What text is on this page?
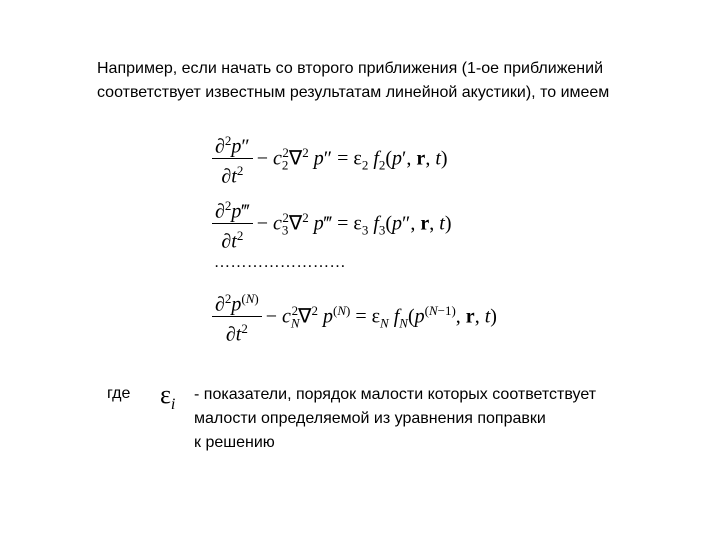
Например, если начать со второго приближения (1-ое приближений
соответствует известным результатам линейной акустики), то имеем
$\frac{\partial^2p''}{\partial t^2} - c_2^2\nabla^2$ $p'' = \varepsilon_2$ $f_2(p'$, r, t)
$\frac{\partial^2p‴}{\partial t^2} - c_3^2\nabla^2$ p‴ = $\varepsilon_3$ $f_3(p''$, r, t)
……………………
$\frac{\partial^2p^{(N)}}{\partial t^2} - c_N^2\nabla^2$ $p^{(N)} = \varepsilon_N$ $f_N(p^{(N-1)}$, r, t)
где $\varepsilon_i$
- показатели, порядок малости которых соответствует
малости определяемой из уравнения поправки
к решению
